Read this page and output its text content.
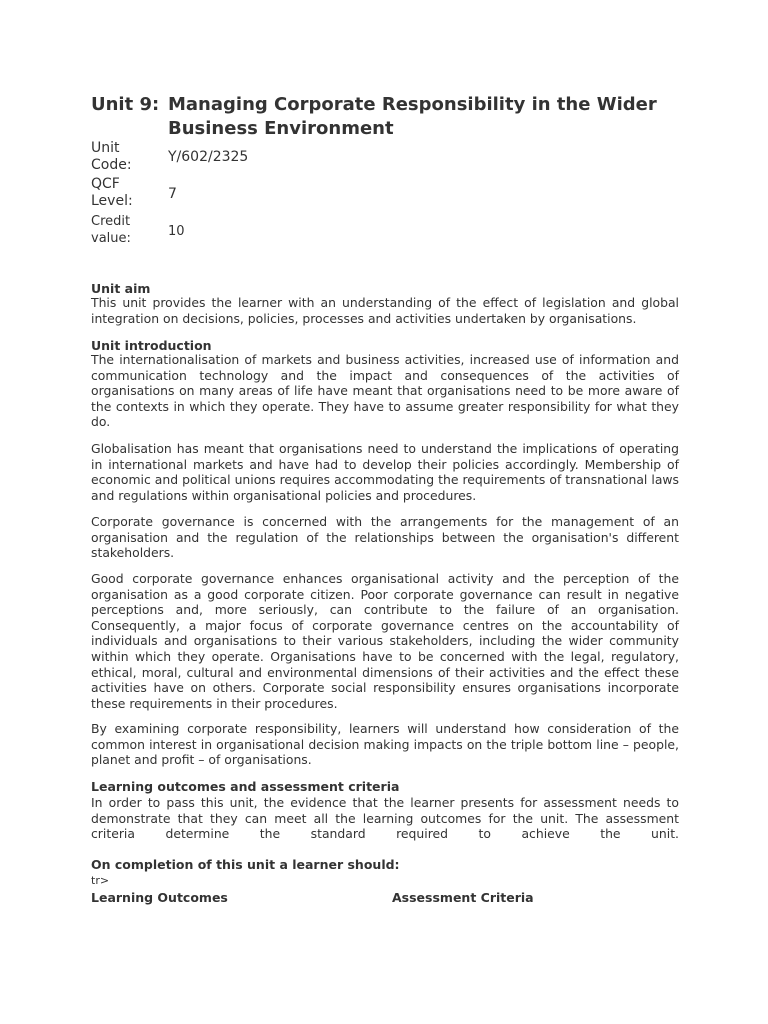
Unit 9: Managing Corporate Responsibility in the Wider Business Environment
Unit Code:	Y/602/2325
QCF Level:	7
Credit value:	10
Unit aim
This unit provides the learner with an understanding of the effect of legislation and global integration on decisions, policies, processes and activities undertaken by organisations.
Unit introduction
The internationalisation of markets and business activities, increased use of information and communication technology and the impact and consequences of the activities of organisations on many areas of life have meant that organisations need to be more aware of the contexts in which they operate. They have to assume greater responsibility for what they do.
Globalisation has meant that organisations need to understand the implications of operating in international markets and have had to develop their policies accordingly. Membership of economic and political unions requires accommodating the requirements of transnational laws and regulations within organisational policies and procedures.
Corporate governance is concerned with the arrangements for the management of an organisation and the regulation of the relationships between the organisation's different stakeholders.
Good corporate governance enhances organisational activity and the perception of the organisation as a good corporate citizen. Poor corporate governance can result in negative perceptions and, more seriously, can contribute to the failure of an organisation. Consequently, a major focus of corporate governance centres on the accountability of individuals and organisations to their various stakeholders, including the wider community within which they operate. Organisations have to be concerned with the legal, regulatory, ethical, moral, cultural and environmental dimensions of their activities and the effect these activities have on others. Corporate social responsibility ensures organisations incorporate these requirements in their procedures.
By examining corporate responsibility, learners will understand how consideration of the common interest in organisational decision making impacts on the triple bottom line – people, planet and profit – of organisations.
Learning outcomes and assessment criteria
In order to pass this unit, the evidence that the learner presents for assessment needs to demonstrate that they can meet all the learning outcomes for the unit. The assessment criteria determine the standard required to achieve the unit.
On completion of this unit a learner should:
tr>
Learning Outcomes	Assessment Criteria
